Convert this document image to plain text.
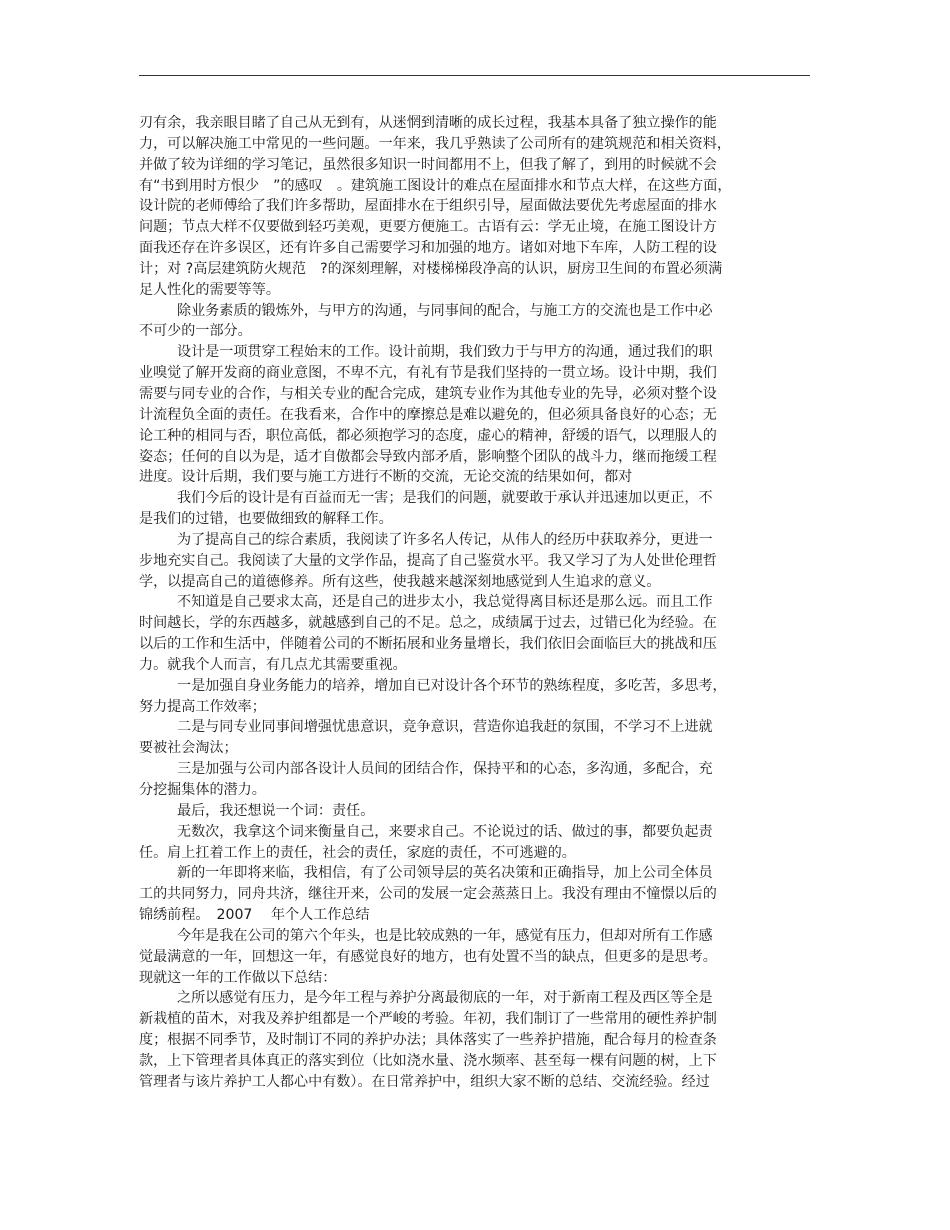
刃有余，我亲眼目睹了自己从无到有，从迷惘到清晰的成长过程，我基本具备了独立操作的能
力，可以解决施工中常见的一些问题。一年来，我几乎熟读了公司所有的建筑规范和相关资料，
并做了较为详细的学习笔记，虽然很多知识一时间都用不上，但我了解了，到用的时候就不会
有“书到用时方恨少　”的感叹　。建筑施工图设计的难点在屋面排水和节点大样，在这些方面，
设计院的老师傅给了我们许多帮助，屋面排水在于组织引导，屋面做法要优先考虑屋面的排水
问题；节点大样不仅要做到轻巧美观，更要方便施工。古语有云：学无止境，在施工图设计方
面我还存在许多误区，还有许多自己需要学习和加强的地方。诸如对地下车库，人防工程的设
计；对 ?高层建筑防火规范　?的深刻理解，对楼梯梯段净高的认识，厨房卫生间的布置必须满
足人性化的需要等等。
除业务素质的锻炼外，与甲方的沟通，与同事间的配合，与施工方的交流也是工作中必
不可少的一部分。
设计是一项贯穿工程始末的工作。设计前期，我们致力于与甲方的沟通，通过我们的职
业嗅觉了解开发商的商业意图，不卑不亢，有礼有节是我们坚持的一贯立场。设计中期，我们
需要与同专业的合作，与相关专业的配合完成，建筑专业作为其他专业的先导，必须对整个设
计流程负全面的责任。在我看来，合作中的摩擦总是难以避免的，但必须具备良好的心态；无
论工种的相同与否，职位高低，都必须抱学习的态度，虚心的精神，舒缓的语气，以理服人的
姿态；任何的自以为是，适才自傲都会导致内部矛盾，影响整个团队的战斗力，继而拖缓工程
进度。设计后期，我们要与施工方进行不断的交流，无论交流的结果如何，都对
我们今后的设计是有百益而无一害；是我们的问题，就要敢于承认并迅速加以更正，不
是我们的过错，也要做细致的解释工作。
为了提高自己的综合素质，我阅读了许多名人传记，从伟人的经历中获取养分，更进一
步地充实自己。我阅读了大量的文学作品，提高了自己鉴赏水平。我又学习了为人处世伦理哲
学，以提高自己的道德修养。所有这些，使我越来越深刻地感觉到人生追求的意义。
不知道是自己要求太高，还是自己的进步太小，我总觉得离目标还是那么远。而且工作
时间越长，学的东西越多，就越感到自己的不足。总之，成绩属于过去，过错已化为经验。在
以后的工作和生活中，伴随着公司的不断拓展和业务量增长，我们依旧会面临巨大的挑战和压
力。就我个人而言，有几点尤其需要重视。
一是加强自身业务能力的培养，增加自已对设计各个环节的熟练程度，多吃苦，多思考，
努力提高工作效率；
二是与同专业同事间增强忧患意识，竞争意识，营造你追我赶的氛围，不学习不上进就
要被社会淘汰；
三是加强与公司内部各设计人员间的团结合作，保持平和的心态，多沟通，多配合，充
分挖掘集体的潜力。
最后，我还想说一个词：责任。
无数次，我拿这个词来衡量自己，来要求自己。不论说过的话、做过的事，都要负起责
任。肩上扛着工作上的责任，社会的责任，家庭的责任，不可逃避的。
新的一年即将来临，我相信，有了公司领导层的英名决策和正确指导，加上公司全体员
工的共同努力，同舟共济，继往开来，公司的发展一定会蒸蒸日上。我没有理由不憧憬以后的
锦绣前程。　2007　 年个人工作总结
今年是我在公司的第六个年头，也是比较成熟的一年，感觉有压力，但却对所有工作感
觉最满意的一年，回想这一年，有感觉良好的地方，也有处置不当的缺点，但更多的是思考。
现就这一年的工作做以下总结：
之所以感觉有压力，是今年工程与养护分离最彻底的一年，对于新南工程及西区等全是
新栽植的苗木，对我及养护组都是一个严峻的考验。年初，我们制订了一些常用的硬性养护制
度；根据不同季节，及时制订不同的养护办法；具体落实了一些养护措施，配合每月的检查条
款，上下管理者具体真正的落实到位（比如浇水量、浇水频率、甚至每一棵有问题的树，上下
管理者与该片养护工人都心中有数）。在日常养护中，组织大家不断的总结、交流经验。经过
